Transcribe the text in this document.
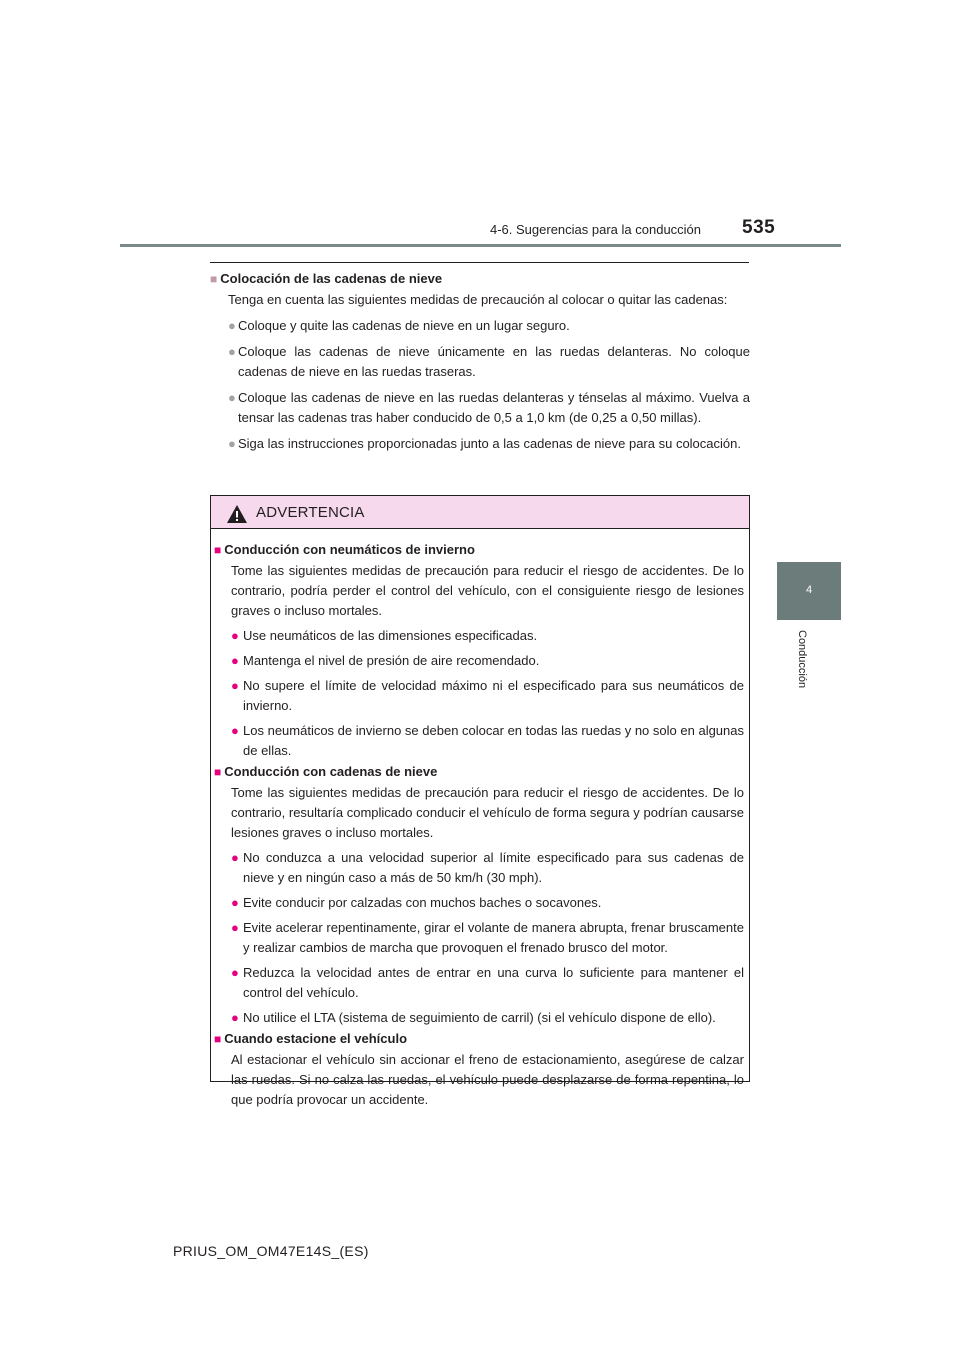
4-6. Sugerencias para la conducción 535
4
Conducción
■ Colocación de las cadenas de nieve
Tenga en cuenta las siguientes medidas de precaución al colocar o quitar las cadenas:
● Coloque y quite las cadenas de nieve en un lugar seguro.
● Coloque las cadenas de nieve únicamente en las ruedas delanteras. No coloque cadenas de nieve en las ruedas traseras.
● Coloque las cadenas de nieve en las ruedas delanteras y ténselas al máximo. Vuelva a tensar las cadenas tras haber conducido de 0,5 a 1,0 km (de 0,25 a 0,50 millas).
● Siga las instrucciones proporcionadas junto a las cadenas de nieve para su colocación.
ADVERTENCIA
■ Conducción con neumáticos de invierno
Tome las siguientes medidas de precaución para reducir el riesgo de accidentes. De lo contrario, podría perder el control del vehículo, con el consiguiente riesgo de lesiones graves o incluso mortales.
● Use neumáticos de las dimensiones especificadas.
● Mantenga el nivel de presión de aire recomendado.
● No supere el límite de velocidad máximo ni el especificado para sus neumáticos de invierno.
● Los neumáticos de invierno se deben colocar en todas las ruedas y no solo en algunas de ellas.
■ Conducción con cadenas de nieve
Tome las siguientes medidas de precaución para reducir el riesgo de accidentes. De lo contrario, resultaría complicado conducir el vehículo de forma segura y podrían causarse lesiones graves o incluso mortales.
● No conduzca a una velocidad superior al límite especificado para sus cadenas de nieve y en ningún caso a más de 50 km/h (30 mph).
● Evite conducir por calzadas con muchos baches o socavones.
● Evite acelerar repentinamente, girar el volante de manera abrupta, frenar bruscamente y realizar cambios de marcha que provoquen el frenado brusco del motor.
● Reduzca la velocidad antes de entrar en una curva lo suficiente para mantener el control del vehículo.
● No utilice el LTA (sistema de seguimiento de carril) (si el vehículo dispone de ello).
■ Cuando estacione el vehículo
Al estacionar el vehículo sin accionar el freno de estacionamiento, asegúrese de calzar las ruedas. Si no calza las ruedas, el vehículo puede desplazarse de forma repentina, lo que podría provocar un accidente.
PRIUS_OM_OM47E14S_(ES)
